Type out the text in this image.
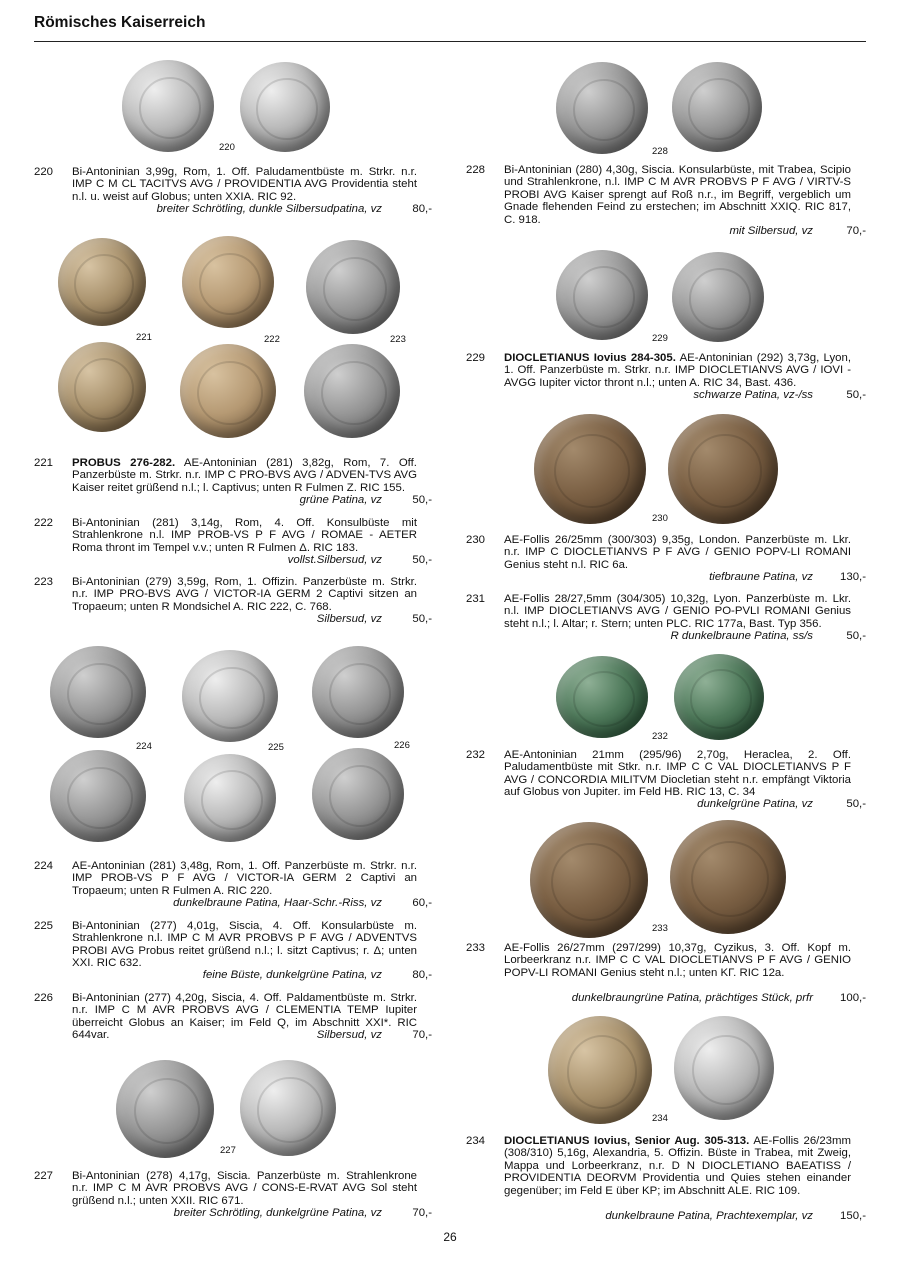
Römisches Kaiserreich
220
221	222	223
224	225	226
227
228
229
230
232
233
234
220 Bi-Antoninian 3,99g, Rom, 1. Off. Paludamentbüste m. Strkr. n.r. IMP C M CL TACITVS AVG / PROVIDENTIA AVG Providentia steht n.l. u. weist auf Globus; unten XXIA. RIC 92.
breiter Schrötling, dunkle Silbersudpatina, vz	80,-
221 PROBUS 276-282. AE-Antoninian (281) 3,82g, Rom, 7. Off. Panzerbüste m. Strkr. n.r. IMP C PRO-BVS AVG / ADVEN-TVS AVG Kaiser reitet grüßend n.l.; l. Captivus; unten R Fulmen Z. RIC 155.
grüne Patina, vz	50,-
222 Bi-Antoninian (281) 3,14g, Rom, 4. Off. Konsulbüste mit Strahlenkrone n.l. IMP PROB-VS P F AVG / ROMAE - AETER Roma thront im Tempel v.v.; unten R Fulmen Δ. RIC 183.
vollst.Silbersud, vz	50,-
223 Bi-Antoninian (279) 3,59g, Rom, 1. Offizin. Panzerbüste m. Strkr. n.r. IMP PRO-BVS AVG / VICTOR-IA GERM 2 Captivi sitzen an Tropaeum; unten R Mondsichel A. RIC 222, C. 768.
Silbersud, vz	50,-
224 AE-Antoninian (281) 3,48g, Rom, 1. Off. Panzerbüste m. Strkr. n.r. IMP PROB-VS P F AVG / VICTOR-IA GERM 2 Captivi an Tropaeum; unten R Fulmen A. RIC 220.
dunkelbraune Patina, Haar-Schr.-Riss, vz	60,-
225 Bi-Antoninian (277) 4,01g, Siscia, 4. Off. Konsularbüste m. Strahlenkrone n.l. IMP C M AVR PROBVS P F AVG / ADVENTVS PROBI AVG Probus reitet grüßend n.l.; l. sitzt Captivus; r. Δ; unten XXI. RIC 632.
feine Büste, dunkelgrüne Patina, vz	80,-
226 Bi-Antoninian (277) 4,20g, Siscia, 4. Off. Paldamentbüste m. Strkr. n.r. IMP C M AVR PROBVS AVG / CLEMENTIA TEMP Iupiter überreicht Globus an Kaiser; im Feld Q, im Abschnitt XXI*. RIC 644var.	Silbersud, vz	70,-
227 Bi-Antoninian (278) 4,17g, Siscia. Panzerbüste m. Strahlenkrone n.r. IMP C M AVR PROBVS AVG / CONS-E-RVAT AVG Sol steht grüßend n.l.; unten XXII. RIC 671.
breiter Schrötling, dunkelgrüne Patina, vz	70,-
228 Bi-Antoninian (280) 4,30g, Siscia. Konsularbüste, mit Trabea, Scipio und Strahlenkrone, n.l. IMP C M AVR PROBVS P F AVG / VIRTV-S PROBI AVG Kaiser sprengt auf Roß n.r., im Begriff, vergeblich um Gnade flehenden Feind zu erstechen; im Abschnitt XXIQ. RIC 817, C. 918.
mit Silbersud, vz	70,-
229 DIOCLETIANUS Iovius 284-305. AE-Antoninian (292) 3,73g, Lyon, 1. Off. Panzerbüste m. Strkr. n.r. IMP DIOCLETIANVS AVG / IOVI - AVGG Iupiter victor thront n.l.; unten A. RIC 34, Bast. 436.
schwarze Patina, vz-/ss	50,-
230 AE-Follis 26/25mm (300/303) 9,35g, London. Panzerbüste m. Lkr. n.r. IMP C DIOCLETIANVS P F AVG / GENIO POPV-LI ROMANI Genius steht n.l. RIC 6a.
tiefbraune Patina, vz 130,-
231 AE-Follis 28/27,5mm (304/305) 10,32g, Lyon. Panzerbüste m. Lkr. n.l. IMP DIOCLETIANVS AVG / GENIO PO-PVLI ROMANI Genius steht n.l.; l. Altar; r. Stern; unten PLC. RIC 177a, Bast. Typ 356.
R dunkelbraune Patina, ss/s	50,-
232 AE-Antoninian 21mm (295/96) 2,70g, Heraclea, 2. Off. Paludamentbüste mit Stkr. n.r. IMP C C VAL DIOCLETIANVS P F AVG / CONCORDIA MILITVM Diocletian steht n.r. empfängt Viktoria auf Globus von Jupiter. im Feld HB. RIC 13, C. 34
dunkelgrüne Patina, vz	50,-
233 AE-Follis 26/27mm (297/299) 10,37g, Cyzikus, 3. Off. Kopf m. Lorbeerkranz n.r. IMP C C VAL DIOCLETIANVS P F AVG / GENIO POPV-LI ROMANI Genius steht n.l.; unten KΓ. RIC 12a.
dunkelbraungrüne Patina, prächtiges Stück, prfr 100,-
234 DIOCLETIANUS Iovius, Senior Aug. 305-313. AE-Follis 26/23mm (308/310) 5,16g, Alexandria, 5. Offizin. Büste in Trabea, mit Zweig, Mappa und Lorbeerkranz, n.r. D N DIOCLETIANO BAEATISS / PROVIDENTIA DEORVM Providentia und Quies stehen einander gegenüber; im Feld E über KP; im Abschnitt ALE. RIC 109.
dunkelbraune Patina, Prachtexemplar, vz 150,-
26
